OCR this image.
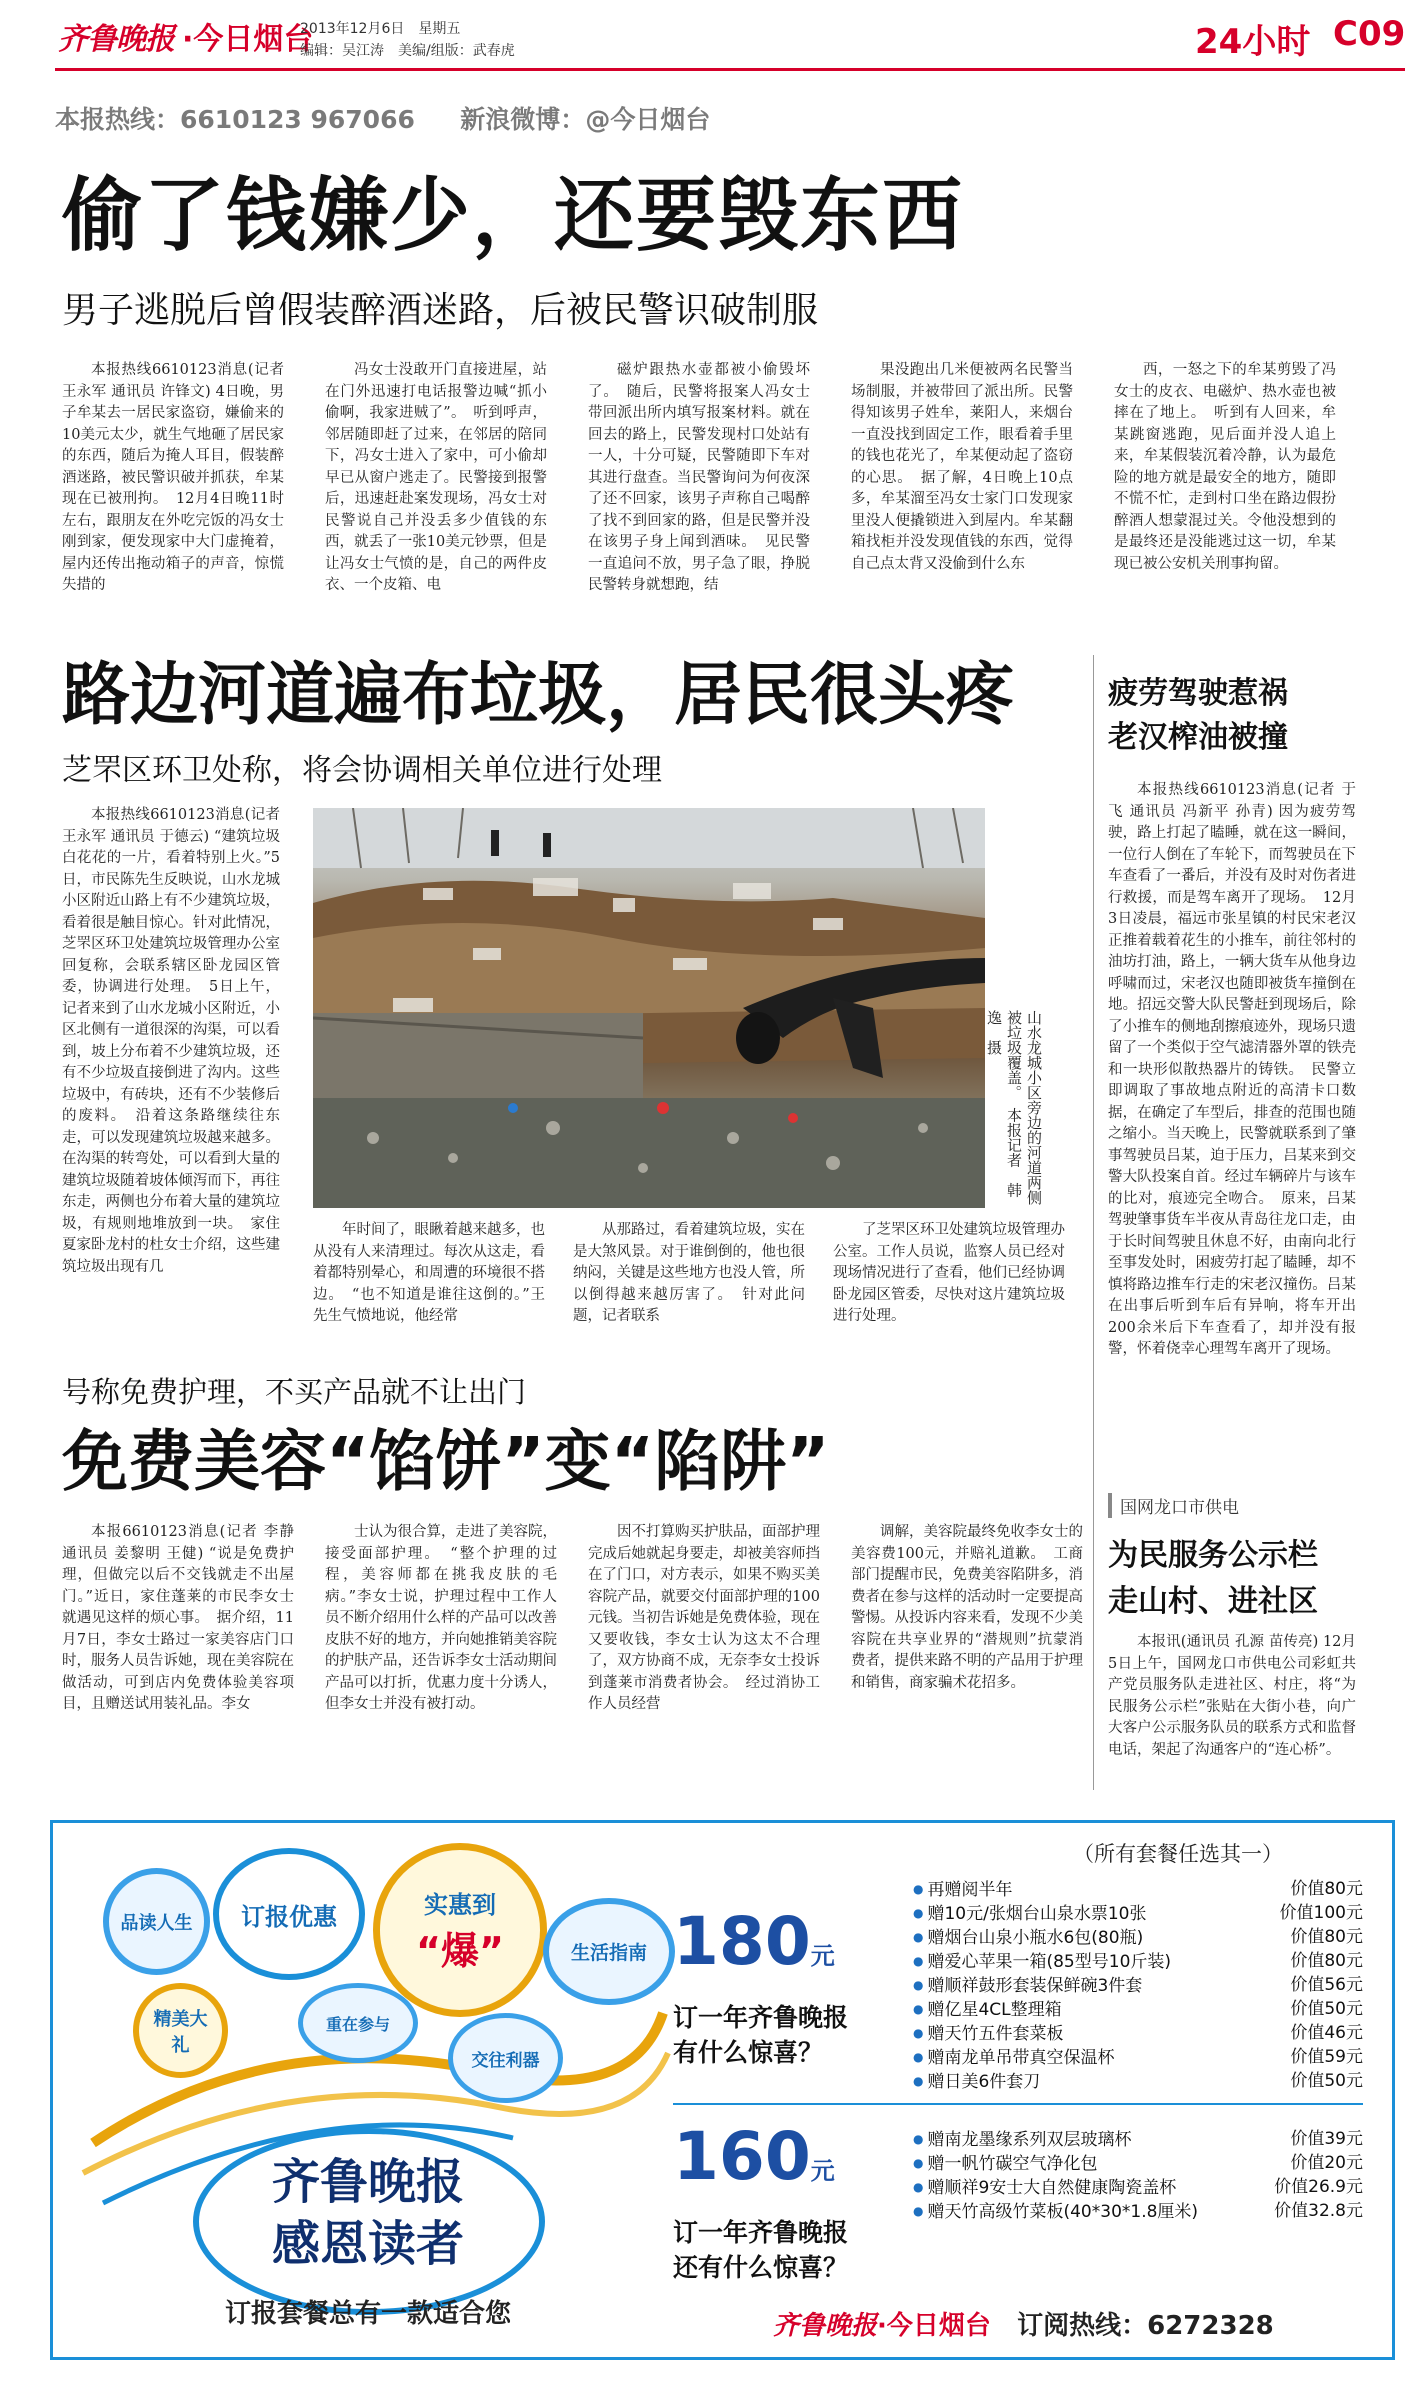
齐鲁晚报 ·今日烟台
2013年12月6日　星期五
编辑：吴江涛　美编/组版：武春虎	24小时 C09
本报热线：6610123 967066 新浪微博：@今日烟台
偷了钱嫌少，还要毁东西
男子逃脱后曾假装醉酒迷路，后被民警识破制服

本报热线6610123消息(记者 王永军 通讯员 许锋文) 4日晚，男子牟某去一居民家盗窃，嫌偷来的10美元太少，就生气地砸了居民家的东西，随后为掩人耳目，假装醉酒迷路，被民警识破并抓获，牟某现在已被刑拘。　12月4日晚11时左右，跟朋友在外吃完饭的冯女士刚到家，便发现家中大门虚掩着，屋内还传出拖动箱子的声音，惊慌失措的

冯女士没敢开门直接进屋，站在门外迅速打电话报警边喊“抓小偷啊，我家进贼了”。　听到呼声，邻居随即赶了过来，在邻居的陪同下，冯女士进入了家中，可小偷却早已从窗户逃走了。民警接到报警后，迅速赶赴案发现场，冯女士对民警说自己并没丢多少值钱的东西，就丢了一张10美元钞票，但是让冯女士气愤的是，自己的两件皮衣、一个皮箱、电

磁炉跟热水壶都被小偷毁坏了。　随后，民警将报案人冯女士带回派出所内填写报案材料。就在回去的路上，民警发现村口处站有一人，十分可疑，民警随即下车对其进行盘查。当民警询问为何夜深了还不回家，该男子声称自己喝醉了找不到回家的路，但是民警并没在该男子身上闻到酒味。　见民警一直追问不放，男子急了眼，挣脱民警转身就想跑，结

果没跑出几米便被两名民警当场制服，并被带回了派出所。民警得知该男子姓牟，莱阳人，来烟台一直没找到固定工作，眼看着手里的钱也花光了，牟某便动起了盗窃的心思。　据了解，4日晚上10点多，牟某溜至冯女士家门口发现家里没人便撬锁进入到屋内。牟某翻箱找柜并没发现值钱的东西，觉得自己点太背又没偷到什么东

西，一怒之下的牟某剪毁了冯女士的皮衣、电磁炉、热水壶也被摔在了地上。　听到有人回来，牟某跳窗逃跑，见后面并没人追上来，牟某假装沉着冷静，认为最危险的地方就是最安全的地方，随即不慌不忙，走到村口坐在路边假扮醉酒人想蒙混过关。令他没想到的是最终还是没能逃过这一切，牟某现已被公安机关刑事拘留。

路边河道遍布垃圾，居民很头疼
芝罘区环卫处称，将会协调相关单位进行处理

本报热线6610123消息(记者 王永军 通讯员 于德云) “建筑垃圾白花花的一片，看着特别上火。”5日，市民陈先生反映说，山水龙城小区附近山路上有不少建筑垃圾，看着很是触目惊心。针对此情况，芝罘区环卫处建筑垃圾管理办公室回复称，会联系辖区卧龙园区管委，协调进行处理。　5日上午，记者来到了山水龙城小区附近，小区北侧有一道很深的沟渠，可以看到，坡上分布着不少建筑垃圾，还有不少垃圾直接倒进了沟内。这些垃圾中，有砖块，还有不少装修后的废料。　沿着这条路继续往东走，可以发现建筑垃圾越来越多。在沟渠的转弯处，可以看到大量的建筑垃圾随着坡体倾泻而下，再往东走，两侧也分布着大量的建筑垃圾，有规则地堆放到一块。　家住夏家卧龙村的杜女士介绍，这些建筑垃圾出现有几

山水龙城小区旁边的河道两侧被垃圾覆盖。　本报记者　韩逸　摄

年时间了，眼瞅着越来越多，也从没有人来清理过。每次从这走，看着都特别晕心，和周遭的环境很不搭边。　“也不知道是谁往这倒的。”王先生气愤地说，他经常

从那路过，看着建筑垃圾，实在是大煞风景。对于谁倒倒的，他也很纳闷，关键是这些地方也没人管，所以倒得越来越厉害了。　针对此问题，记者联系

了芝罘区环卫处建筑垃圾管理办公室。工作人员说，监察人员已经对现场情况进行了查看，他们已经协调卧龙园区管委，尽快对这片建筑垃圾进行处理。

号称免费护理，不买产品就不让出门
免费美容“馅饼”变“陷阱”

本报6610123消息(记者 李静 通讯员 姜黎明 王健) “说是免费护理，但做完以后不交钱就走不出屋门。”近日，家住蓬莱的市民李女士就遇见这样的烦心事。　据介绍，11月7日，李女士路过一家美容店门口时，服务人员告诉她，现在美容院在做活动，可到店内免费体验美容项目，且赠送试用装礼品。李女

士认为很合算，走进了美容院，接受面部护理。　“整个护理的过程，美容师都在挑我皮肤的毛病。”李女士说，护理过程中工作人员不断介绍用什么样的产品可以改善皮肤不好的地方，并向她推销美容院的护肤产品，还告诉李女士活动期间产品可以打折，优惠力度十分诱人，但李女士并没有被打动。

因不打算购买护肤品，面部护理完成后她就起身要走，却被美容师挡在了门口，对方表示，如果不购买美容院产品，就要交付面部护理的100元钱。当初告诉她是免费体验，现在又要收钱，李女士认为这太不合理了，双方协商不成，无奈李女士投诉到蓬莱市消费者协会。　经过消协工作人员经营

调解，美容院最终免收李女士的美容费100元，并赔礼道歉。　工商部门提醒市民，免费美容陷阱多，消费者在参与这样的活动时一定要提高警惕。从投诉内容来看，发现不少美容院在共享业界的“潜规则”抗蒙消费者，提供来路不明的产品用于护理和销售，商家骗术花招多。

疲劳驾驶惹祸
老汉榨油被撞

本报热线6610123消息(记者 于飞 通讯员 冯新平 孙青) 因为疲劳驾驶，路上打起了瞌睡，就在这一瞬间，一位行人倒在了车轮下，而驾驶员在下车查看了一番后，并没有及时对伤者进行救援，而是驾车离开了现场。　12月3日凌晨，福远市张星镇的村民宋老汉正推着载着花生的小推车，前往邻村的油坊打油，路上，一辆大货车从他身边呼啸而过，宋老汉也随即被货车撞倒在地。招远交警大队民警赶到现场后，除了小推车的侧地刮擦痕迹外，现场只遗留了一个类似于空气滤清器外罩的铁壳和一块形似散热器片的铸铁。　民警立即调取了事故地点附近的高清卡口数据，在确定了车型后，排查的范围也随之缩小。当天晚上，民警就联系到了肇事驾驶员吕某，迫于压力，吕某来到交警大队投案自首。经过车辆碎片与该车的比对，痕迹完全吻合。　原来，吕某驾驶肇事货车半夜从青岛往龙口走，由于长时间驾驶且休息不好，由南向北行至事发处时，困疲劳打起了瞌睡，却不慎将路边推车行走的宋老汉撞伤。吕某在出事后听到车后有异响，将车开出200余米后下车查看了，却并没有报警，怀着侥幸心理驾车离开了现场。

国网龙口市供电
为民服务公示栏
走山村、进社区

本报讯(通讯员 孔源 苗传亮) 12月5日上午，国网龙口市供电公司彩虹共产党员服务队走进社区、村庄，将“为民服务公示栏”张贴在大街小巷，向广大客户公示服务队员的联系方式和监督电话，架起了沟通客户的“连心桥”。

品读人生	订报优惠	实惠到
“爆”	生活指南
精美大礼
重在参与
交往利器
齐鲁晚报
感恩读者
订报套餐总有一款适合您
（所有套餐任选其一）
180元
订一年齐鲁晚报
有什么惊喜？
● 再赠阅半年	价值80元
● 赠10元/张烟台山泉水票10张	价值100元
● 赠烟台山泉小瓶水6包(80瓶)	价值80元
● 赠爱心苹果一箱(85型号10斤装)	价值80元
● 赠顺祥鼓形套装保鲜碗3件套	价值56元
● 赠亿星4CL整理箱	价值50元
● 赠天竹五件套菜板	价值46元
● 赠南龙单吊带真空保温杯	价值59元
● 赠日美6件套刀	价值50元
160元
订一年齐鲁晚报
还有什么惊喜？
● 赠南龙墨缘系列双层玻璃杯	价值39元
● 赠一帆竹碳空气净化包	价值20元
● 赠顺祥9安士大自然健康陶瓷盖杯	价值26.9元
● 赠天竹高级竹菜板(40*30*1.8厘米)	价值32.8元
齐鲁晚报·今日烟台 订阅热线：6272328
